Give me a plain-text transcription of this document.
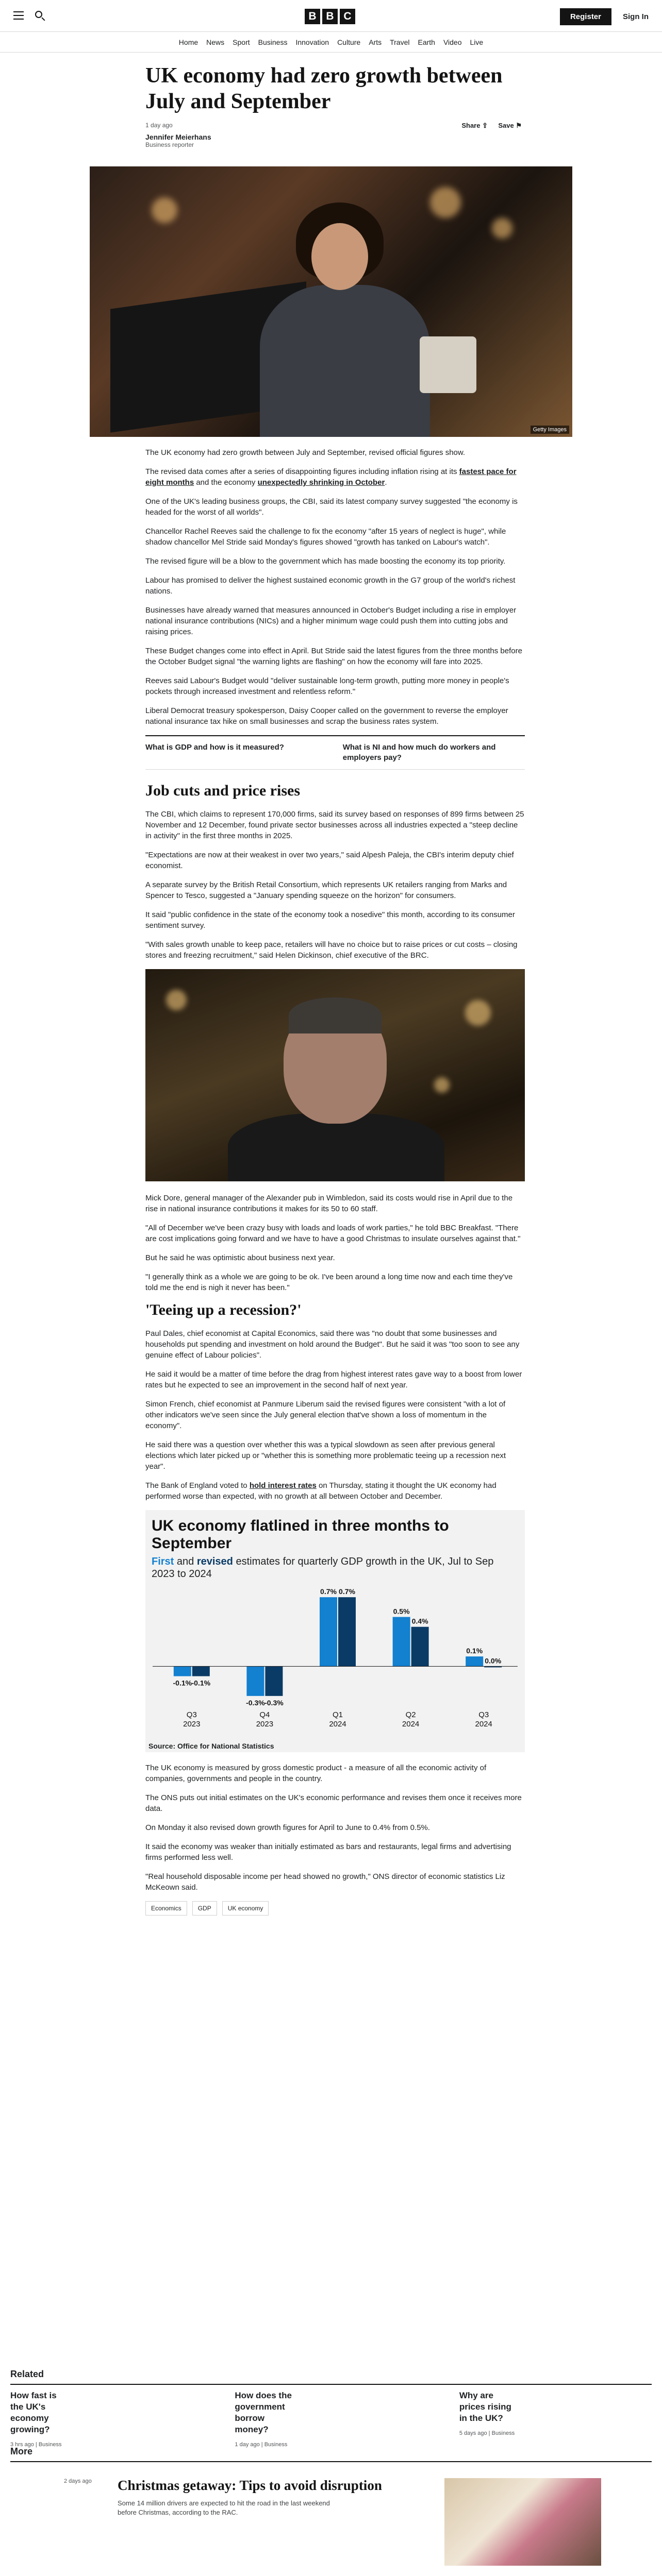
B B C	Register	Sign In
Home	News	Sport	Business	Innovation	Culture	Arts	Travel	Earth	Video	Live
UK economy had zero growth between July and September
1 day ago	Share ⇪ Save ⚑
Jennifer Meierhans
Business reporter
Getty Images

The UK economy had zero growth between July and September, revised official figures show.

The revised data comes after a series of disappointing figures including inflation rising at its fastest pace for eight months and the economy unexpectedly shrinking in October.

One of the UK's leading business groups, the CBI, said its latest company survey suggested "the economy is headed for the worst of all worlds".

Chancellor Rachel Reeves said the challenge to fix the economy "after 15 years of neglect is huge", while shadow chancellor Mel Stride said Monday's figures showed "growth has tanked on Labour's watch".

The revised figure will be a blow to the government which has made boosting the economy its top priority.

Labour has promised to deliver the highest sustained economic growth in the G7 group of the world's richest nations.

Businesses have already warned that measures announced in October's Budget including a rise in employer national insurance contributions (NICs) and a higher minimum wage could push them into cutting jobs and raising prices.

These Budget changes come into effect in April. But Stride said the latest figures from the three months before the October Budget signal "the warning lights are flashing" on how the economy will fare into 2025.

Reeves said Labour's Budget would "deliver sustainable long-term growth, putting more money in people's pockets through increased investment and relentless reform."

Liberal Democrat treasury spokesperson, Daisy Cooper called on the government to reverse the employer national insurance tax hike on small businesses and scrap the business rates system.

What is GDP and how is it measured?	What is NI and how much do workers and employers pay?
Job cuts and price rises

The CBI, which claims to represent 170,000 firms, said its survey based on responses of 899 firms between 25 November and 12 December, found private sector businesses across all industries expected a "steep decline in activity" in the first three months in 2025.

"Expectations are now at their weakest in over two years," said Alpesh Paleja, the CBI's interim deputy chief economist.

A separate survey by the British Retail Consortium, which represents UK retailers ranging from Marks and Spencer to Tesco, suggested a "January spending squeeze on the horizon" for consumers.

It said "public confidence in the state of the economy took a nosedive" this month, according to its consumer sentiment survey.

"With sales growth unable to keep pace, retailers will have no choice but to raise prices or cut costs – closing stores and freezing recruitment," said Helen Dickinson, chief executive of the BRC.

Mick Dore, general manager of the Alexander pub in Wimbledon, said its costs would rise in April due to the rise in national insurance contributions it makes for its 50 to 60 staff.

"All of December we've been crazy busy with loads and loads of work parties," he told BBC Breakfast. "There are cost implications going forward and we have to have a good Christmas to insulate ourselves against that."

But he said he was optimistic about business next year.

"I generally think as a whole we are going to be ok. I've been around a long time now and each time they've told me the end is nigh it never has been."

'Teeing up a recession?'

Paul Dales, chief economist at Capital Economics, said there was "no doubt that some businesses and households put spending and investment on hold around the Budget". But he said it was "too soon to see any genuine effect of Labour policies".

He said it would be a matter of time before the drag from highest interest rates gave way to a boost from lower rates but he expected to see an improvement in the second half of next year.

Simon French, chief economist at Panmure Liberum said the revised figures were consistent "with a lot of other indicators we've seen since the July general election that've shown a loss of momentum in the economy".

He said there was a question over whether this was a typical slowdown as seen after previous general elections which later picked up or "whether this is something more problematic teeing up a recession next year".

The Bank of England voted to hold interest rates on Thursday, stating it thought the UK economy had performed worse than expected, with no growth at all between October and December.

UK economy flatlined in three months to September
First and revised estimates for quarterly GDP growth in the UK, Jul to Sep 2023 to 2024
-0.1% -0.1%
Q3
2023
-0.3% -0.3%
Q4
2023
0.7% 0.7%
Q1
2024
0.5%
0.4%
Q2
2024
0.1%
0.0%
Q3
2024
Source: Office for National Statistics

The UK economy is measured by gross domestic product - a measure of all the economic activity of companies, governments and people in the country.

The ONS puts out initial estimates on the UK's economic performance and revises them once it receives more data.

On Monday it also revised down growth figures for April to June to 0.4% from 0.5%.

It said the economy was weaker than initially estimated as bars and restaurants, legal firms and advertising firms performed less well.

"Real household disposable income per head showed no growth," ONS director of economic statistics Liz McKeown said.

Economics	GDP	UK economy
Related
How fast is the UK's economy growing?
3 hrs ago | Business
How does the government borrow money?
1 day ago | Business
Why are prices rising in the UK?
5 days ago | Business
More
2 days ago Christmas getaway: Tips to avoid disruption
Some 14 million drivers are expected to hit the road in the last weekend before Christmas, according to the RAC.
